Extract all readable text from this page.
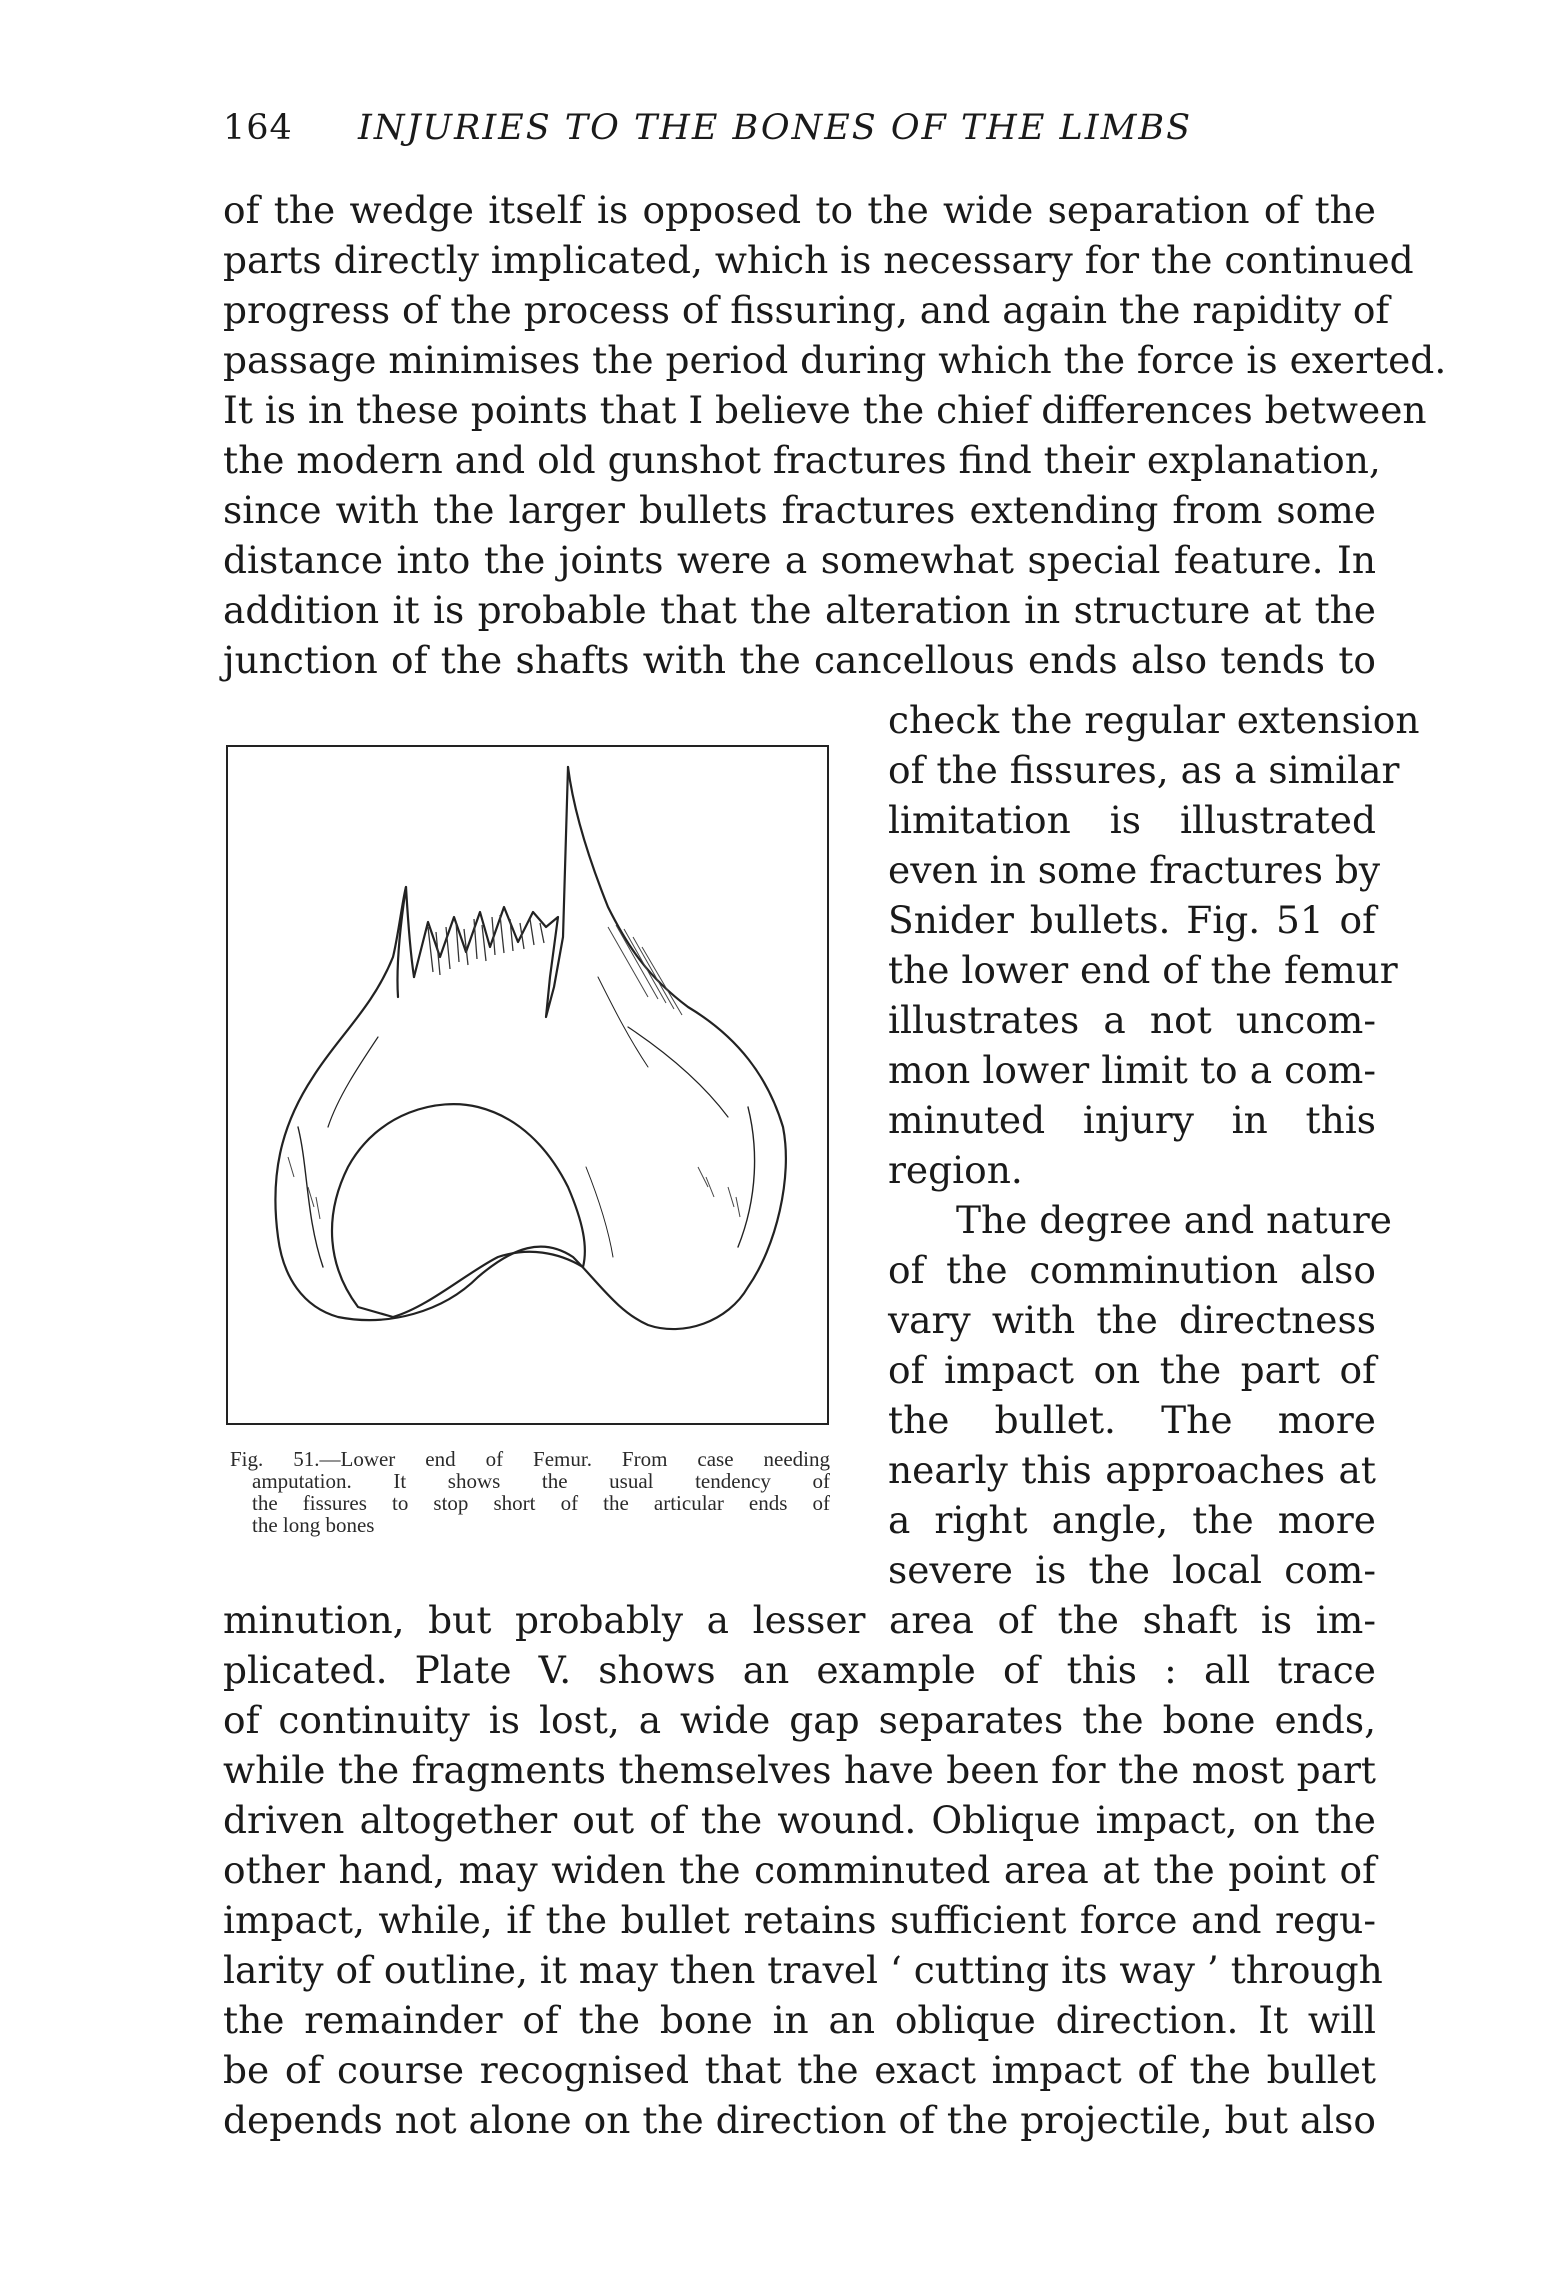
164 INJURIES TO THE BONES OF THE LIMBS
of the wedge itself is opposed to the wide separation of the
parts directly implicated, which is necessary for the continued
progress of the process of fissuring, and again the rapidity of
passage minimises the period during which the force is exerted.
It is in these points that I believe the chief differences between
the modern and old gunshot fractures find their explanation,
since with the larger bullets fractures extending from some
distance into the joints were a somewhat special feature. In
addition it is probable that the alteration in structure at the
junction of the shafts with the cancellous ends also tends to
Fig. 51.—Lower end of Femur. From case needing
amputation. It shows the usual tendency of
the fissures to stop short of the articular ends of
the long bones
check the regular extension
of the fissures, as a similar
limitation is illustrated
even in some fractures by
Snider bullets. Fig. 51 of
the lower end of the femur
illustrates a not uncom-
mon lower limit to a com-
minuted injury in this
region.
The degree and nature
of the comminution also
vary with the directness
of impact on the part of
the bullet. The more
nearly this approaches at
a right angle, the more
severe is the local com-
minution, but probably a lesser area of the shaft is im-
plicated. Plate V. shows an example of this : all trace
of continuity is lost, a wide gap separates the bone ends,
while the fragments themselves have been for the most part
driven altogether out of the wound. Oblique impact, on the
other hand, may widen the comminuted area at the point of
impact, while, if the bullet retains sufficient force and regu-
larity of outline, it may then travel ‘ cutting its way ’ through
the remainder of the bone in an oblique direction. It will
be of course recognised that the exact impact of the bullet
depends not alone on the direction of the projectile, but also
